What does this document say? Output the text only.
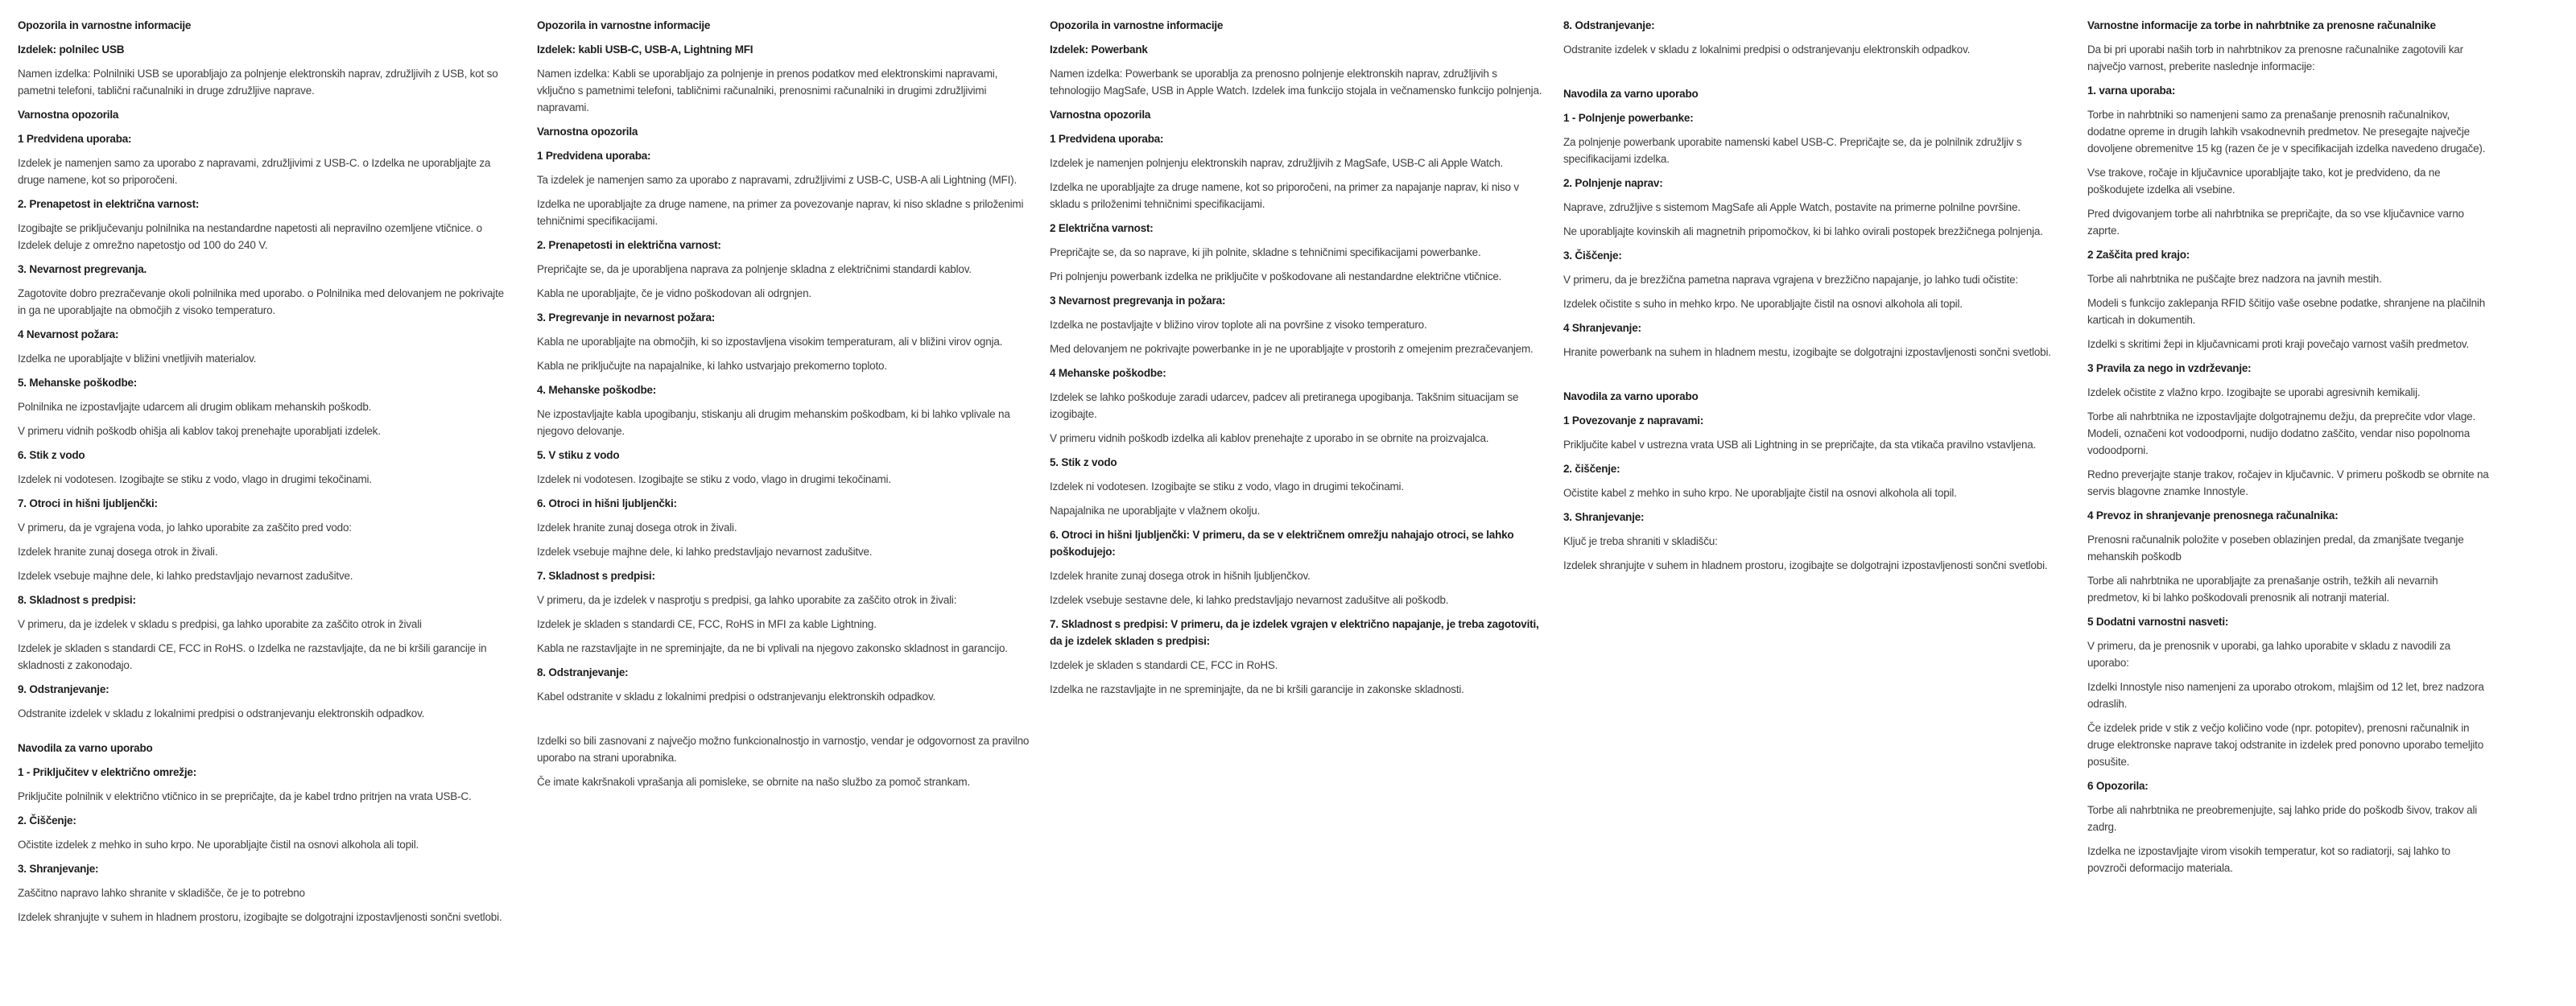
Opozorila in varnostne informacije

Izdelek: polnilec USB

Namen izdelka: Polnilniki USB se uporabljajo za polnjenje elektronskih naprav, združljivih z USB, kot so pametni telefoni, tablični računalniki in druge združljive naprave.

Varnostna opozorila

1 Predvidena uporaba:

Izdelek je namenjen samo za uporabo z napravami, združljivimi z USB-C. o Izdelka ne uporabljajte za druge namene, kot so priporočeni.

2. Prenapetost in električna varnost:

Izogibajte se priključevanju polnilnika na nestandardne napetosti ali nepravilno ozemljene vtičnice. o Izdelek deluje z omrežno napetostjo od 100 do 240 V.

3. Nevarnost pregrevanja.

Zagotovite dobro prezračevanje okoli polnilnika med uporabo. o Polnilnika med delovanjem ne pokrivajte in ga ne uporabljajte na območjih z visoko temperaturo.

4 Nevarnost požara:

Izdelka ne uporabljajte v bližini vnetljivih materialov.

5. Mehanske poškodbe:

Polnilnika ne izpostavljajte udarcem ali drugim oblikam mehanskih poškodb.

V primeru vidnih poškodb ohišja ali kablov takoj prenehajte uporabljati izdelek.

6. Stik z vodo

Izdelek ni vodotesen. Izogibajte se stiku z vodo, vlago in drugimi tekočinami.

7. Otroci in hišni ljubljenčki:

V primeru, da je vgrajena voda, jo lahko uporabite za zaščito pred vodo:

Izdelek hranite zunaj dosega otrok in živali.

Izdelek vsebuje majhne dele, ki lahko predstavljajo nevarnost zadušitve.

8. Skladnost s predpisi:

V primeru, da je izdelek v skladu s predpisi, ga lahko uporabite za zaščito otrok in živali

Izdelek je skladen s standardi CE, FCC in RoHS. o Izdelka ne razstavljajte, da ne bi kršili garancije in skladnosti z zakonodajo.

9. Odstranjevanje:

Odstranite izdelek v skladu z lokalnimi predpisi o odstranjevanju elektronskih odpadkov.

Navodila za varno uporabo

1 - Priključitev v električno omrežje:

Priključite polnilnik v električno vtičnico in se prepričajte, da je kabel trdno pritrjen na vrata USB-C.

2. Čiščenje:

Očistite izdelek z mehko in suho krpo. Ne uporabljajte čistil na osnovi alkohola ali topil.

3. Shranjevanje:

Zaščitno napravo lahko shranite v skladišče, če je to potrebno

Izdelek shranjujte v suhem in hladnem prostoru, izogibajte se dolgotrajni izpostavljenosti sončni svetlobi.

Opozorila in varnostne informacije

Izdelek: kabli USB-C, USB-A, Lightning MFI

Namen izdelka: Kabli se uporabljajo za polnjenje in prenos podatkov med elektronskimi napravami, vključno s pametnimi telefoni, tabličnimi računalniki, prenosnimi računalniki in drugimi združljivimi napravami.

Varnostna opozorila

1 Predvidena uporaba:

Ta izdelek je namenjen samo za uporabo z napravami, združljivimi z USB-C, USB-A ali Lightning (MFI).

Izdelka ne uporabljajte za druge namene, na primer za povezovanje naprav, ki niso skladne s priloženimi tehničnimi specifikacijami.

2. Prenapetosti in električna varnost:

Prepričajte se, da je uporabljena naprava za polnjenje skladna z električnimi standardi kablov.

Kabla ne uporabljajte, če je vidno poškodovan ali odrgnjen.

3. Pregrevanje in nevarnost požara:

Kabla ne uporabljajte na območjih, ki so izpostavljena visokim temperaturam, ali v bližini virov ognja.

Kabla ne priključujte na napajalnike, ki lahko ustvarjajo prekomerno toploto.

4. Mehanske poškodbe:

Ne izpostavljajte kabla upogibanju, stiskanju ali drugim mehanskim poškodbam, ki bi lahko vplivale na njegovo delovanje.

5. V stiku z vodo

Izdelek ni vodotesen. Izogibajte se stiku z vodo, vlago in drugimi tekočinami.

6. Otroci in hišni ljubljenčki:

Izdelek hranite zunaj dosega otrok in živali.

Izdelek vsebuje majhne dele, ki lahko predstavljajo nevarnost zadušitve.

7. Skladnost s predpisi:

V primeru, da je izdelek v nasprotju s predpisi, ga lahko uporabite za zaščito otrok in živali:

Izdelek je skladen s standardi CE, FCC, RoHS in MFI za kable Lightning.

Kabla ne razstavljajte in ne spreminjajte, da ne bi vplivali na njegovo zakonsko skladnost in garancijo.

8. Odstranjevanje:

Kabel odstranite v skladu z lokalnimi predpisi o odstranjevanju elektronskih odpadkov.

Izdelki so bili zasnovani z največjo možno funkcionalnostjo in varnostjo, vendar je odgovornost za pravilno uporabo na strani uporabnika.

Če imate kakršnakoli vprašanja ali pomisleke, se obrnite na našo službo za pomoč strankam.

Opozorila in varnostne informacije

Izdelek: Powerbank

Namen izdelka: Powerbank se uporablja za prenosno polnjenje elektronskih naprav, združljivih s tehnologijo MagSafe, USB in Apple Watch. Izdelek ima funkcijo stojala in večnamensko funkcijo polnjenja.

Varnostna opozorila

1 Predvidena uporaba:

Izdelek je namenjen polnjenju elektronskih naprav, združljivih z MagSafe, USB-C ali Apple Watch.

Izdelka ne uporabljajte za druge namene, kot so priporočeni, na primer za napajanje naprav, ki niso v skladu s priloženimi tehničnimi specifikacijami.

2 Električna varnost:

Prepričajte se, da so naprave, ki jih polnite, skladne s tehničnimi specifikacijami powerbanke.

Pri polnjenju powerbank izdelka ne priključite v poškodovane ali nestandardne električne vtičnice.

3 Nevarnost pregrevanja in požara:

Izdelka ne postavljajte v bližino virov toplote ali na površine z visoko temperaturo.

Med delovanjem ne pokrivajte powerbanke in je ne uporabljajte v prostorih z omejenim prezračevanjem.

4 Mehanske poškodbe:

Izdelek se lahko poškoduje zaradi udarcev, padcev ali pretiranega upogibanja. Takšnim situacijam se izogibajte.

V primeru vidnih poškodb izdelka ali kablov prenehajte z uporabo in se obrnite na proizvajalca.

5. Stik z vodo

Izdelek ni vodotesen. Izogibajte se stiku z vodo, vlago in drugimi tekočinami.

Napajalnika ne uporabljajte v vlažnem okolju.

6. Otroci in hišni ljubljenčki: V primeru, da se v električnem omrežju nahajajo otroci, se lahko poškodujejo:

Izdelek hranite zunaj dosega otrok in hišnih ljubljenčkov.

Izdelek vsebuje sestavne dele, ki lahko predstavljajo nevarnost zadušitve ali poškodb.

7. Skladnost s predpisi: V primeru, da je izdelek vgrajen v električno napajanje, je treba zagotoviti, da je izdelek skladen s predpisi:

Izdelek je skladen s standardi CE, FCC in RoHS.

Izdelka ne razstavljajte in ne spreminjajte, da ne bi kršili garancije in zakonske skladnosti.

8. Odstranjevanje:

Odstranite izdelek v skladu z lokalnimi predpisi o odstranjevanju elektronskih odpadkov.

Navodila za varno uporabo

1 - Polnjenje powerbanke:

Za polnjenje powerbank uporabite namenski kabel USB-C. Prepričajte se, da je polnilnik združljiv s specifikacijami izdelka.

2. Polnjenje naprav:

Naprave, združljive s sistemom MagSafe ali Apple Watch, postavite na primerne polnilne površine.

Ne uporabljajte kovinskih ali magnetnih pripomočkov, ki bi lahko ovirali postopek brezžičnega polnjenja.

3. Čiščenje:

V primeru, da je brezžična pametna naprava vgrajena v brezžično napajanje, jo lahko tudi očistite:

Izdelek očistite s suho in mehko krpo. Ne uporabljajte čistil na osnovi alkohola ali topil.

4 Shranjevanje:

Hranite powerbank na suhem in hladnem mestu, izogibajte se dolgotrajni izpostavljenosti sončni svetlobi.

Navodila za varno uporabo

1 Povezovanje z napravami:

Priključite kabel v ustrezna vrata USB ali Lightning in se prepričajte, da sta vtikača pravilno vstavljena.

2. čiščenje:

Očistite kabel z mehko in suho krpo. Ne uporabljajte čistil na osnovi alkohola ali topil.

3. Shranjevanje:

Ključ je treba shraniti v skladišču:

Izdelek shranjujte v suhem in hladnem prostoru, izogibajte se dolgotrajni izpostavljenosti sončni svetlobi.

Varnostne informacije za torbe in nahrbtnike za prenosne računalnike

Da bi pri uporabi naših torb in nahrbtnikov za prenosne računalnike zagotovili kar največjo varnost, preberite naslednje informacije:

1. varna uporaba:

Torbe in nahrbtniki so namenjeni samo za prenašanje prenosnih računalnikov, dodatne opreme in drugih lahkih vsakodnevnih predmetov. Ne presegajte največje dovoljene obremenitve 15 kg (razen če je v specifikacijah izdelka navedeno drugače).

Vse trakove, ročaje in ključavnice uporabljajte tako, kot je predvideno, da ne poškodujete izdelka ali vsebine.

Pred dvigovanjem torbe ali nahrbtnika se prepričajte, da so vse ključavnice varno zaprte.

2 Zaščita pred krajo:

Torbe ali nahrbtnika ne puščajte brez nadzora na javnih mestih.

Modeli s funkcijo zaklepanja RFID ščitijo vaše osebne podatke, shranjene na plačilnih karticah in dokumentih.

Izdelki s skritimi žepi in ključavnicami proti kraji povečajo varnost vaših predmetov.

3 Pravila za nego in vzdrževanje:

Izdelek očistite z vlažno krpo. Izogibajte se uporabi agresivnih kemikalij.

Torbe ali nahrbtnika ne izpostavljajte dolgotrajnemu dežju, da preprečite vdor vlage. Modeli, označeni kot vodoodporni, nudijo dodatno zaščito, vendar niso popolnoma vodoodporni.

Redno preverjajte stanje trakov, ročajev in ključavnic. V primeru poškodb se obrnite na servis blagovne znamke Innostyle.

4 Prevoz in shranjevanje prenosnega računalnika:

Prenosni računalnik položite v poseben oblazinjen predal, da zmanjšate tveganje mehanskih poškodb

Torbe ali nahrbtnika ne uporabljajte za prenašanje ostrih, težkih ali nevarnih predmetov, ki bi lahko poškodovali prenosnik ali notranji material.

5 Dodatni varnostni nasveti:

V primeru, da je prenosnik v uporabi, ga lahko uporabite v skladu z navodili za uporabo:

Izdelki Innostyle niso namenjeni za uporabo otrokom, mlajšim od 12 let, brez nadzora odraslih.

Če izdelek pride v stik z večjo količino vode (npr. potopitev), prenosni računalnik in druge elektronske naprave takoj odstranite in izdelek pred ponovno uporabo temeljito posušite.

6 Opozorila:

Torbe ali nahrbtnika ne preobremenjujte, saj lahko pride do poškodb šivov, trakov ali zadrg.

Izdelka ne izpostavljajte virom visokih temperatur, kot so radiatorji, saj lahko to povzroči deformacijo materiala.
